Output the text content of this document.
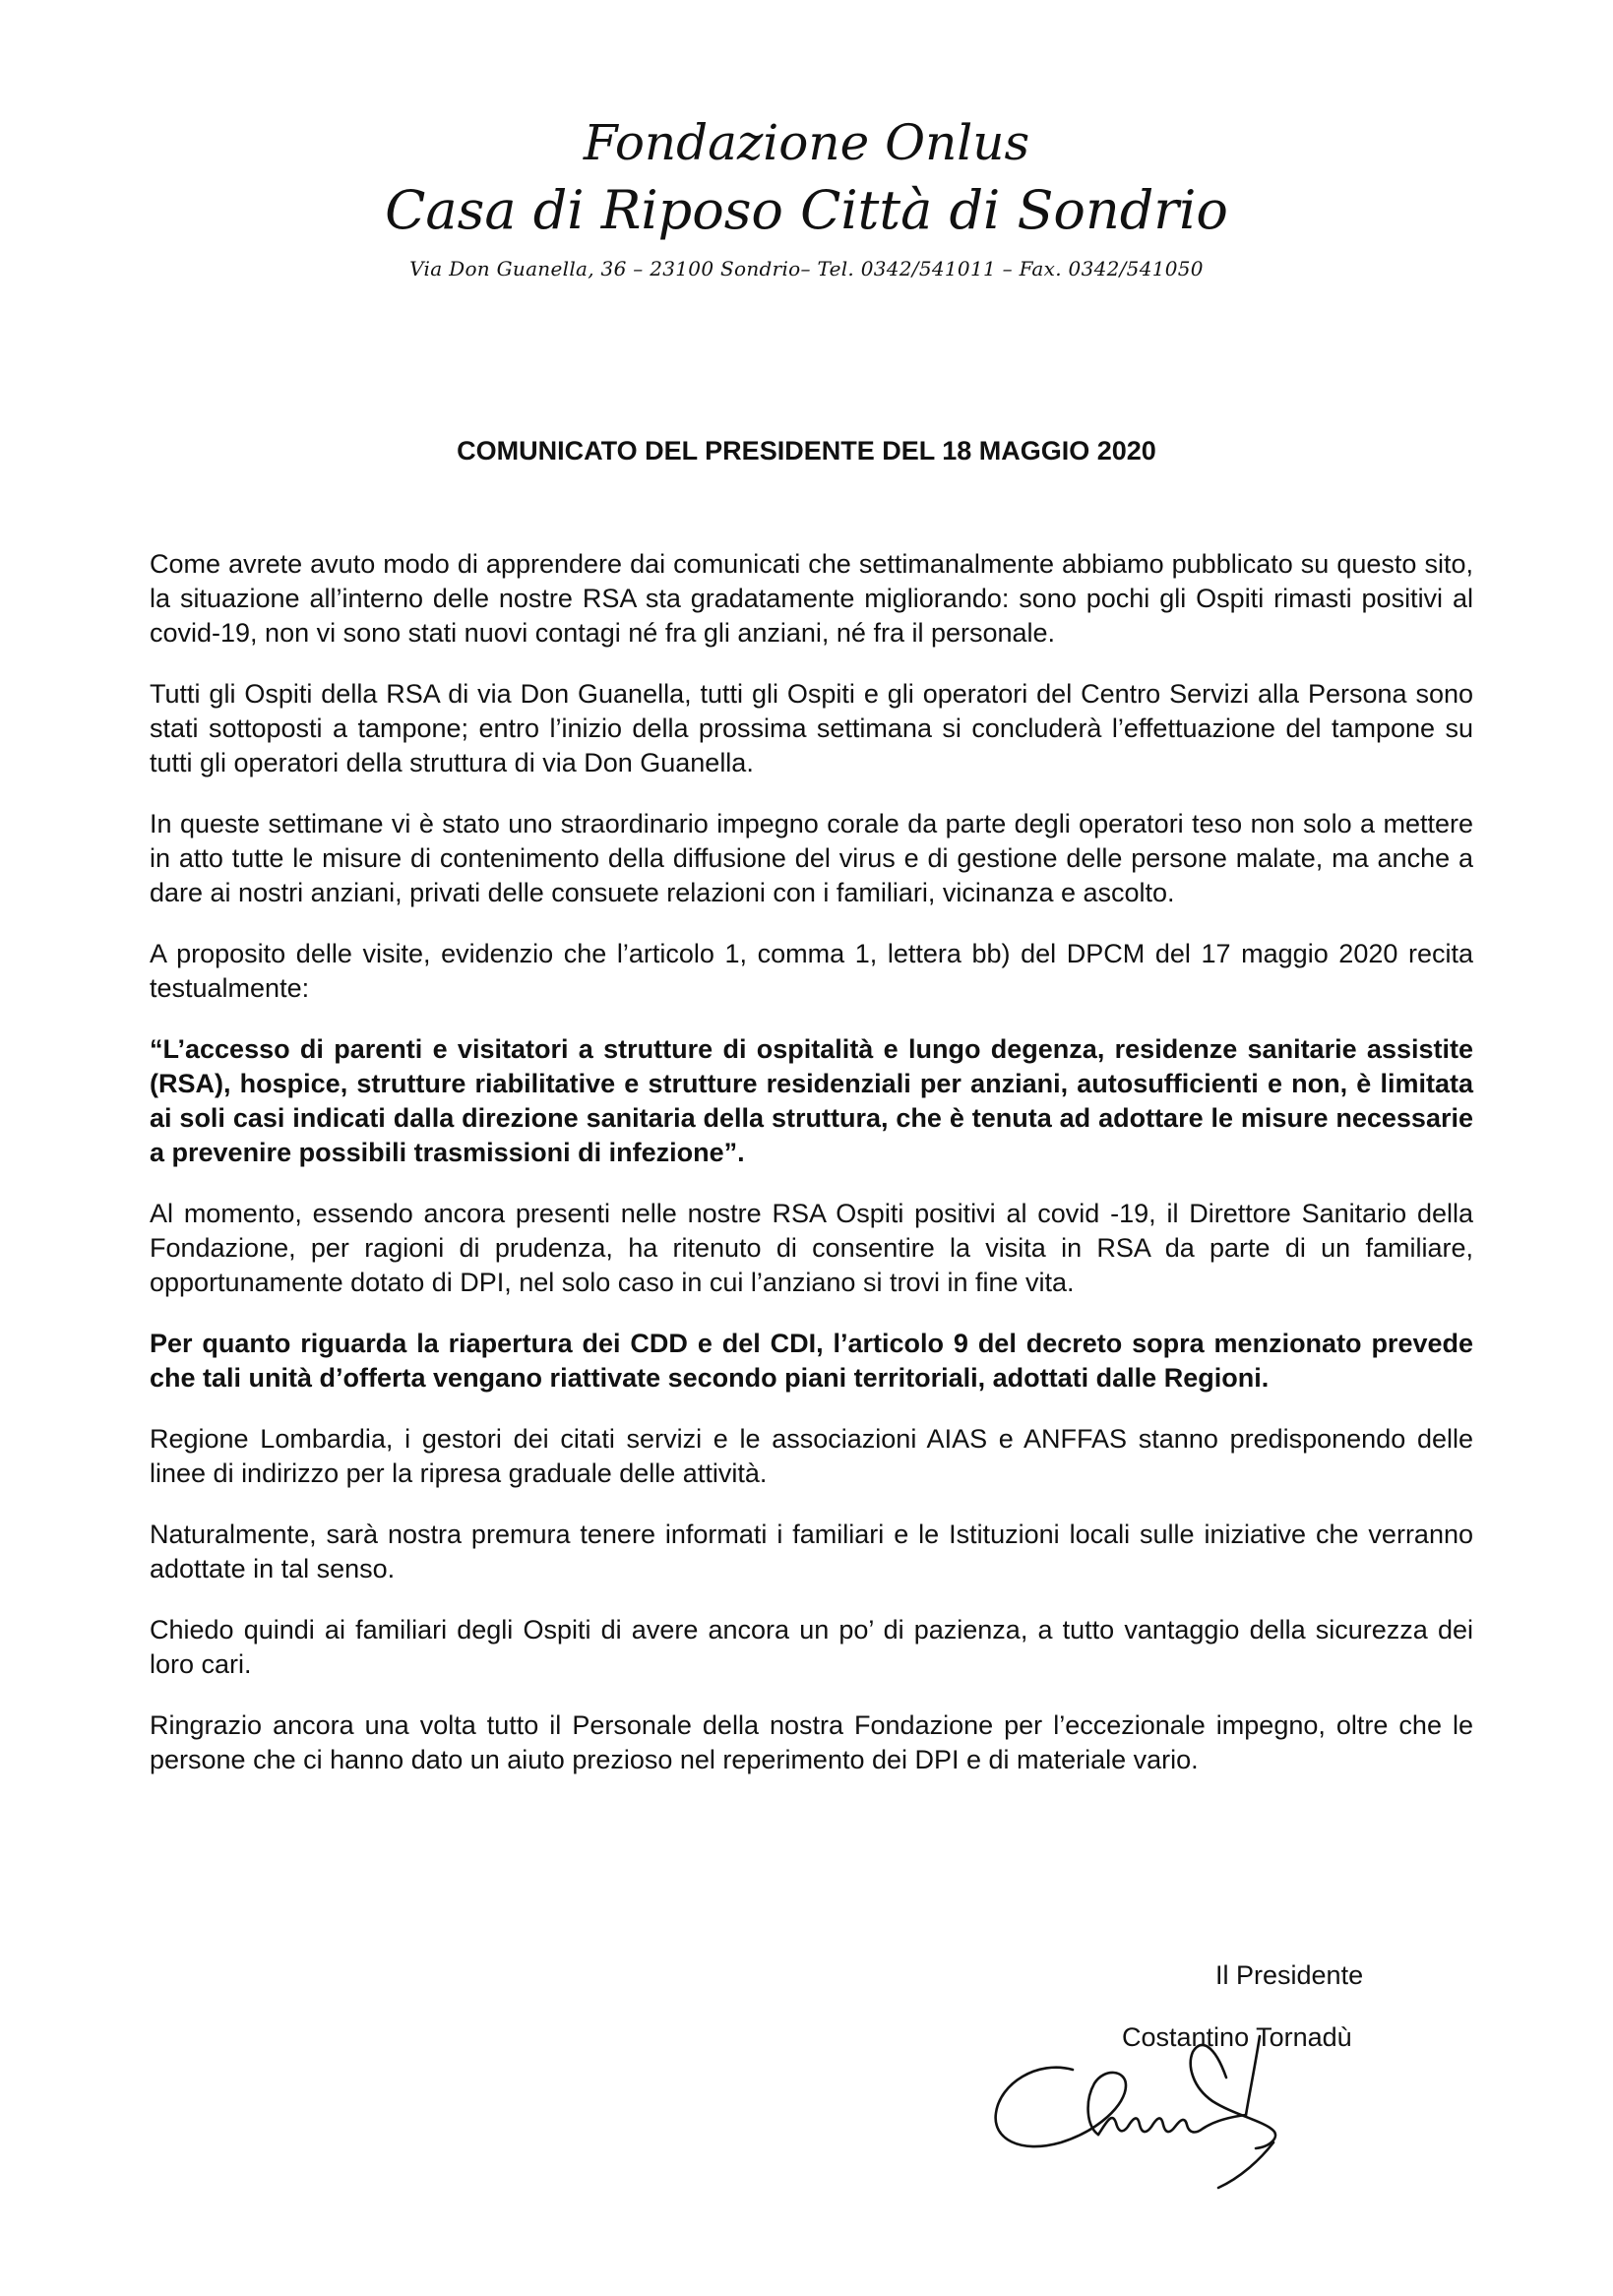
Fondazione Onlus

Casa di Riposo Città di Sondrio

Via Don Guanella, 36 – 23100 Sondrio– Tel. 0342/541011 – Fax. 0342/541050

COMUNICATO DEL PRESIDENTE DEL 18 MAGGIO 2020

Come avrete avuto modo di apprendere dai comunicati che settimanalmente abbiamo pubblicato su questo sito, la situazione all’interno delle nostre RSA sta gradatamente migliorando: sono pochi gli Ospiti rimasti positivi al covid-19, non vi sono stati nuovi contagi né fra gli anziani, né fra il personale.

Tutti gli Ospiti della RSA di via Don Guanella, tutti gli Ospiti e gli operatori del Centro Servizi alla Persona sono stati sottoposti a tampone; entro l’inizio della prossima settimana si concluderà l’effettuazione del tampone su tutti gli operatori della struttura di via Don Guanella.

In queste settimane vi è stato uno straordinario impegno corale da parte degli operatori teso non solo a mettere in atto tutte le misure di contenimento della diffusione del virus e di gestione delle persone malate, ma anche a dare ai nostri anziani, privati delle consuete relazioni con i familiari, vicinanza e ascolto.

A proposito delle visite, evidenzio che l’articolo 1, comma 1, lettera bb) del DPCM del 17 maggio 2020 recita testualmente:

“L’accesso di parenti e visitatori a strutture di ospitalità e lungo degenza, residenze sanitarie assistite (RSA), hospice, strutture riabilitative e strutture residenziali per anziani, autosufficienti e non, è limitata ai soli casi indicati dalla direzione sanitaria della struttura, che è tenuta ad adottare le misure necessarie a prevenire possibili trasmissioni di infezione”.

Al momento, essendo ancora presenti nelle nostre RSA Ospiti positivi al covid -19, il Direttore Sanitario della Fondazione, per ragioni di prudenza, ha ritenuto di consentire la visita in RSA da parte di un familiare, opportunamente dotato di DPI, nel solo caso in cui l’anziano si trovi in fine vita.

Per quanto riguarda la riapertura dei CDD e del CDI, l’articolo 9 del decreto sopra menzionato prevede che tali unità d’offerta vengano riattivate secondo piani territoriali, adottati dalle Regioni.

Regione Lombardia, i gestori dei citati servizi e le associazioni AIAS e ANFFAS stanno predisponendo delle linee di indirizzo per la ripresa graduale delle attività.

Naturalmente, sarà nostra premura tenere informati i familiari e le Istituzioni locali sulle iniziative che verranno adottate in tal senso.

Chiedo quindi ai familiari degli Ospiti di avere ancora un po’ di pazienza, a tutto vantaggio della sicurezza dei loro cari.

Ringrazio ancora una volta tutto il Personale della nostra Fondazione per l’eccezionale impegno, oltre che le persone che ci hanno dato un aiuto prezioso nel reperimento dei DPI e di materiale vario.

Il Presidente

Costantino Tornadù
